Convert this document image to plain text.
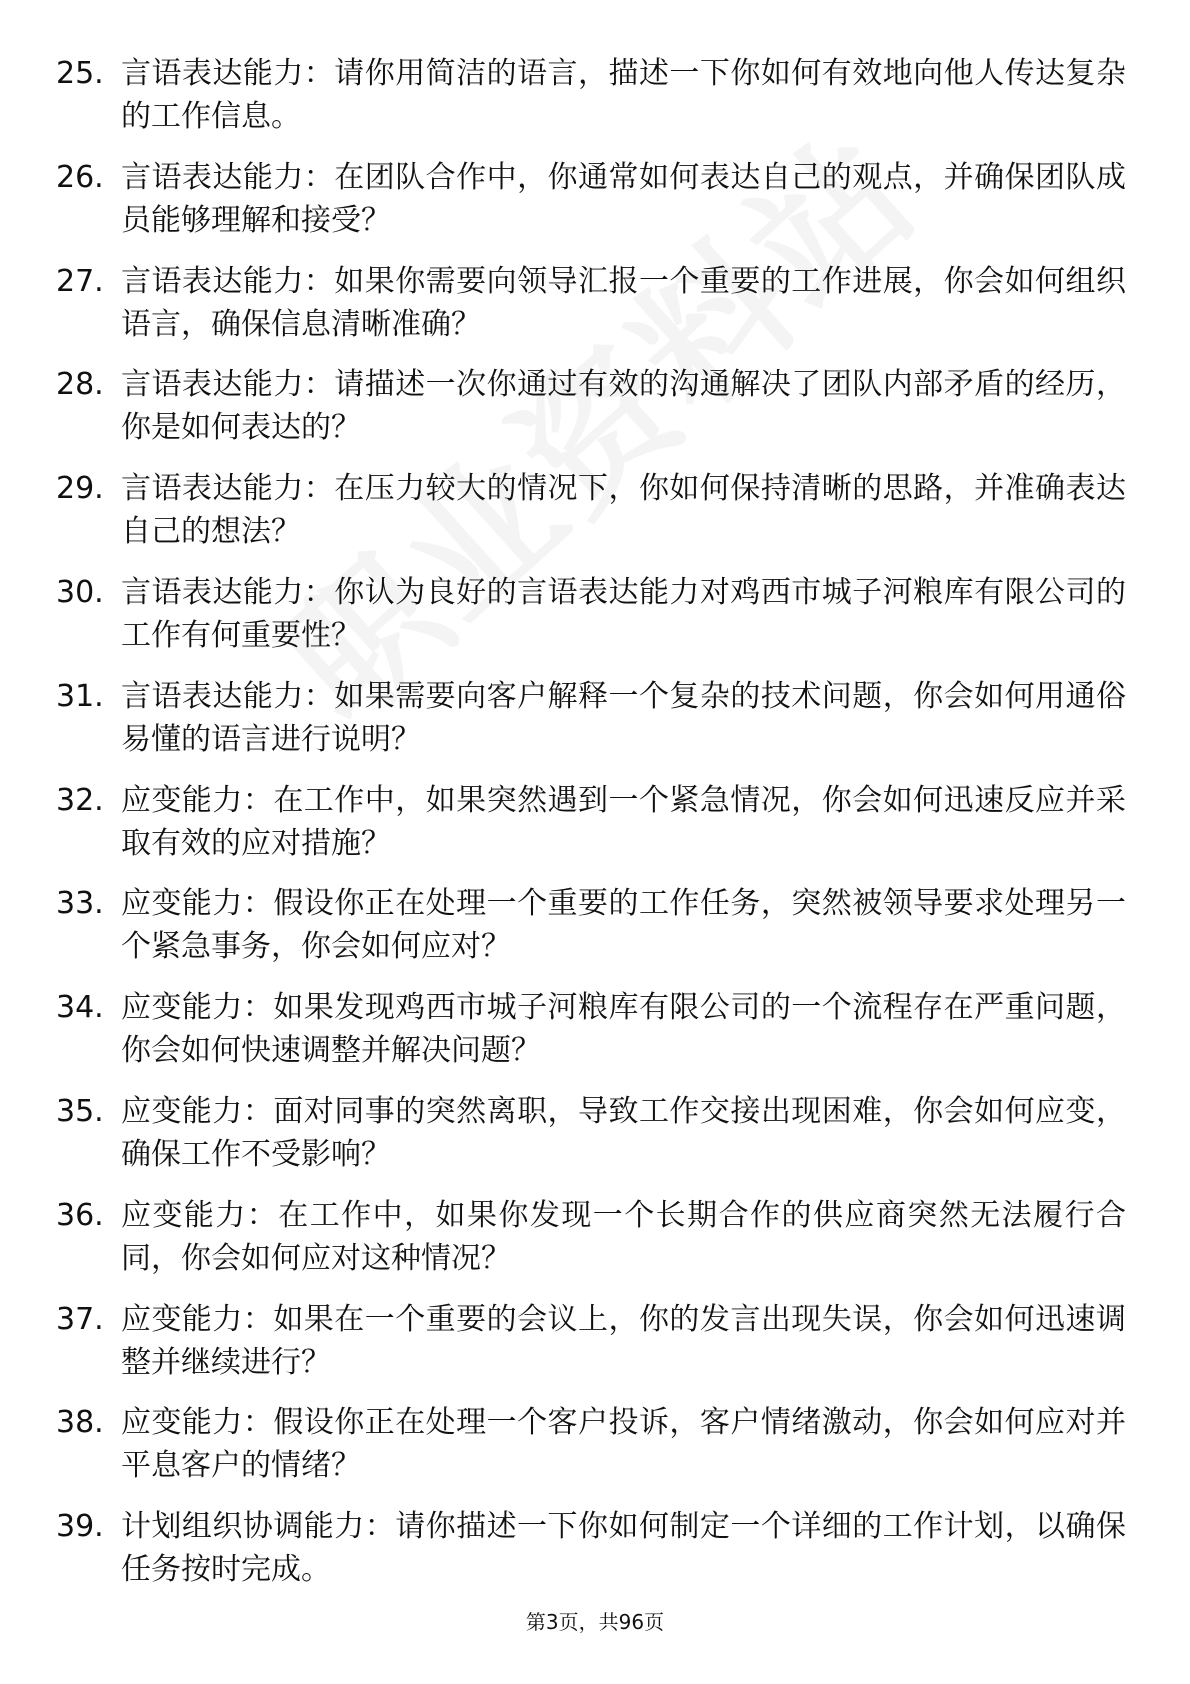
25. 言语表达能力：请你用简洁的语言，描述一下你如何有效地向他人传达复杂的工作信息。
26. 言语表达能力：在团队合作中，你通常如何表达自己的观点，并确保团队成员能够理解和接受？
27. 言语表达能力：如果你需要向领导汇报一个重要的工作进展，你会如何组织语言，确保信息清晰准确？
28. 言语表达能力：请描述一次你通过有效的沟通解决了团队内部矛盾的经历，你是如何表达的？
29. 言语表达能力：在压力较大的情况下，你如何保持清晰的思路，并准确表达自己的想法？
30. 言语表达能力：你认为良好的言语表达能力对鸡西市城子河粮库有限公司的工作有何重要性？
31. 言语表达能力：如果需要向客户解释一个复杂的技术问题，你会如何用通俗易懂的语言进行说明？
32. 应变能力：在工作中，如果突然遇到一个紧急情况，你会如何迅速反应并采取有效的应对措施？
33. 应变能力：假设你正在处理一个重要的工作任务，突然被领导要求处理另一个紧急事务，你会如何应对？
34. 应变能力：如果发现鸡西市城子河粮库有限公司的一个流程存在严重问题，你会如何快速调整并解决问题？
35. 应变能力：面对同事的突然离职，导致工作交接出现困难，你会如何应变，确保工作不受影响？
36. 应变能力：在工作中，如果你发现一个长期合作的供应商突然无法履行合同，你会如何应对这种情况？
37. 应变能力：如果在一个重要的会议上，你的发言出现失误，你会如何迅速调整并继续进行？
38. 应变能力：假设你正在处理一个客户投诉，客户情绪激动，你会如何应对并平息客户的情绪？
39. 计划组织协调能力：请你描述一下你如何制定一个详细的工作计划，以确保任务按时完成。
第3页，共96页
